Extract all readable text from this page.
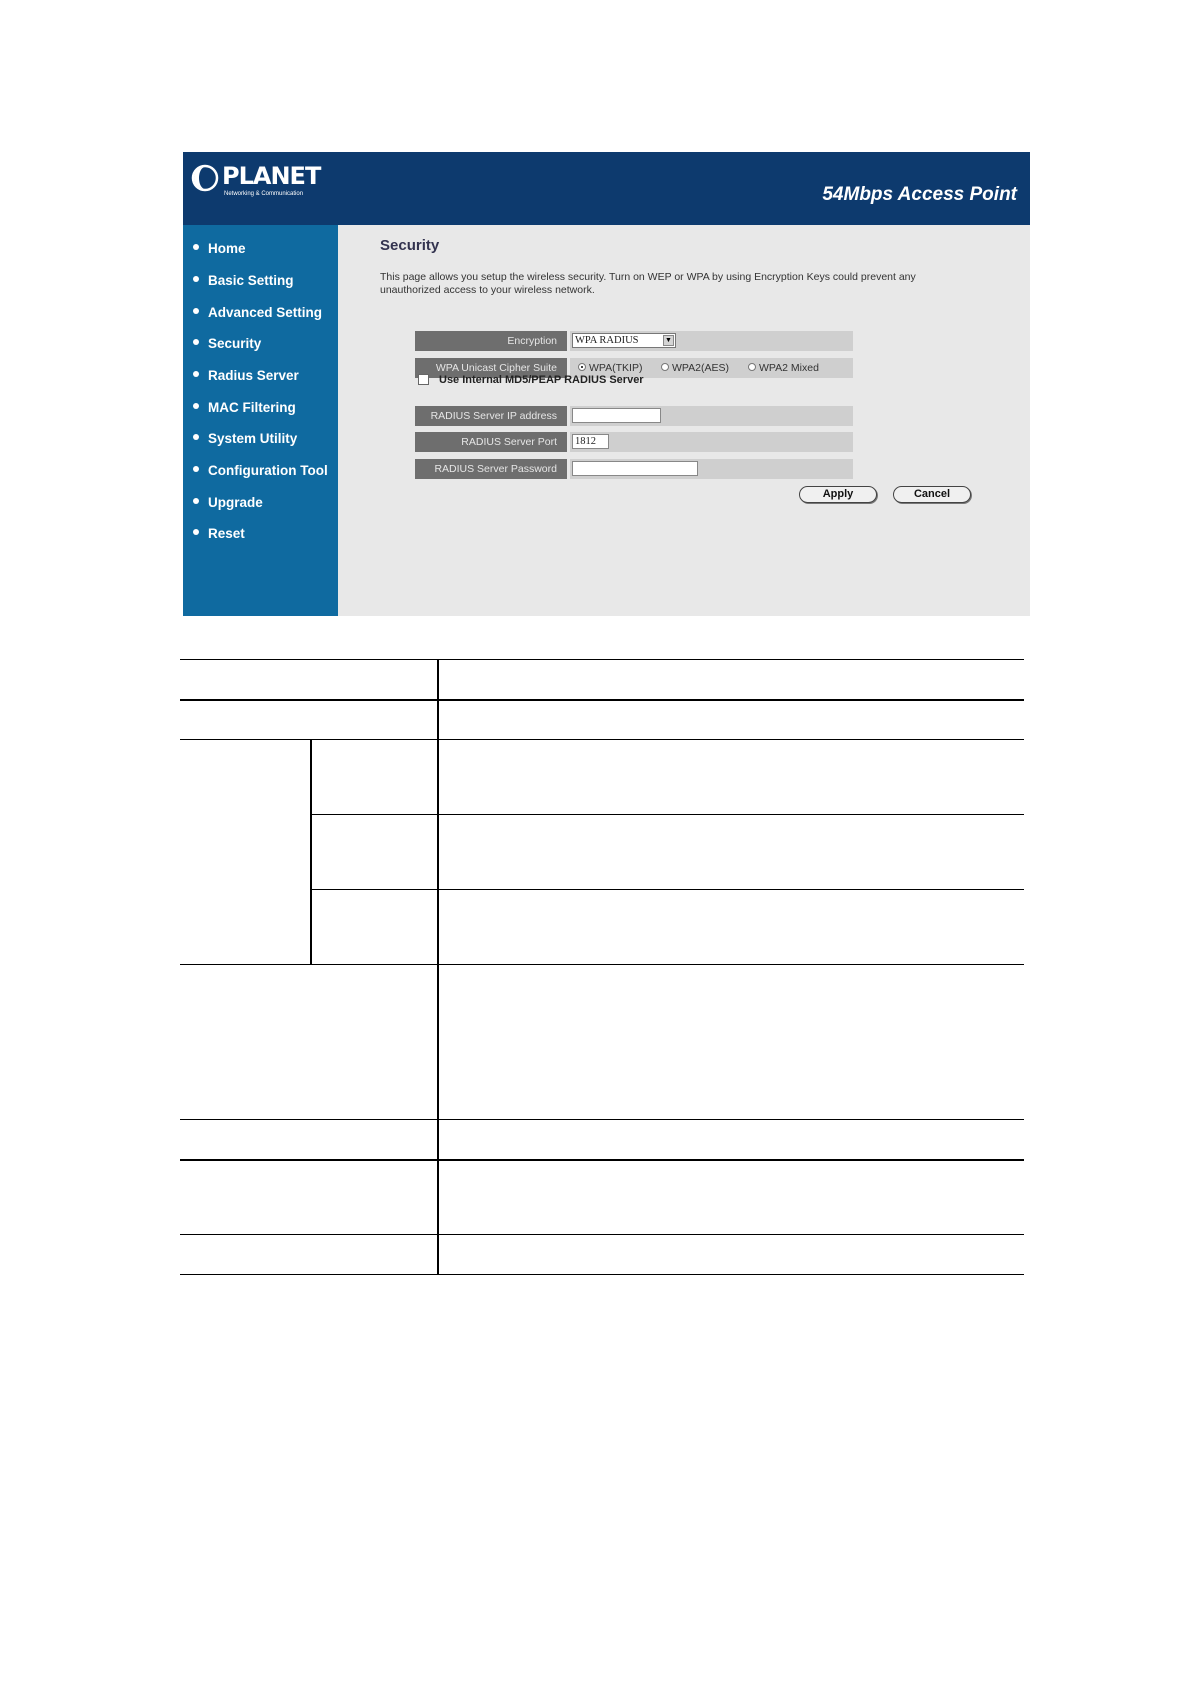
PLANET
Networking & Communication	54Mbps Access Point
Home
Basic Setting
Advanced Setting
Security
Radius Server
MAC Filtering
System Utility
Configuration Tool
Upgrade
Reset
Security
This page allows you setup the wireless security. Turn on WEP or WPA by using Encryption Keys could prevent any unauthorized access to your wireless network.
Encryption	WPA RADIUS	▼
WPA Unicast Cipher Suite	WPA(TKIP)	WPA2(AES)	WPA2 Mixed
Use Internal MD5/PEAP RADIUS Server
RADIUS Server IP address
RADIUS Server Port	1812
RADIUS Server Password
Apply	Cancel
